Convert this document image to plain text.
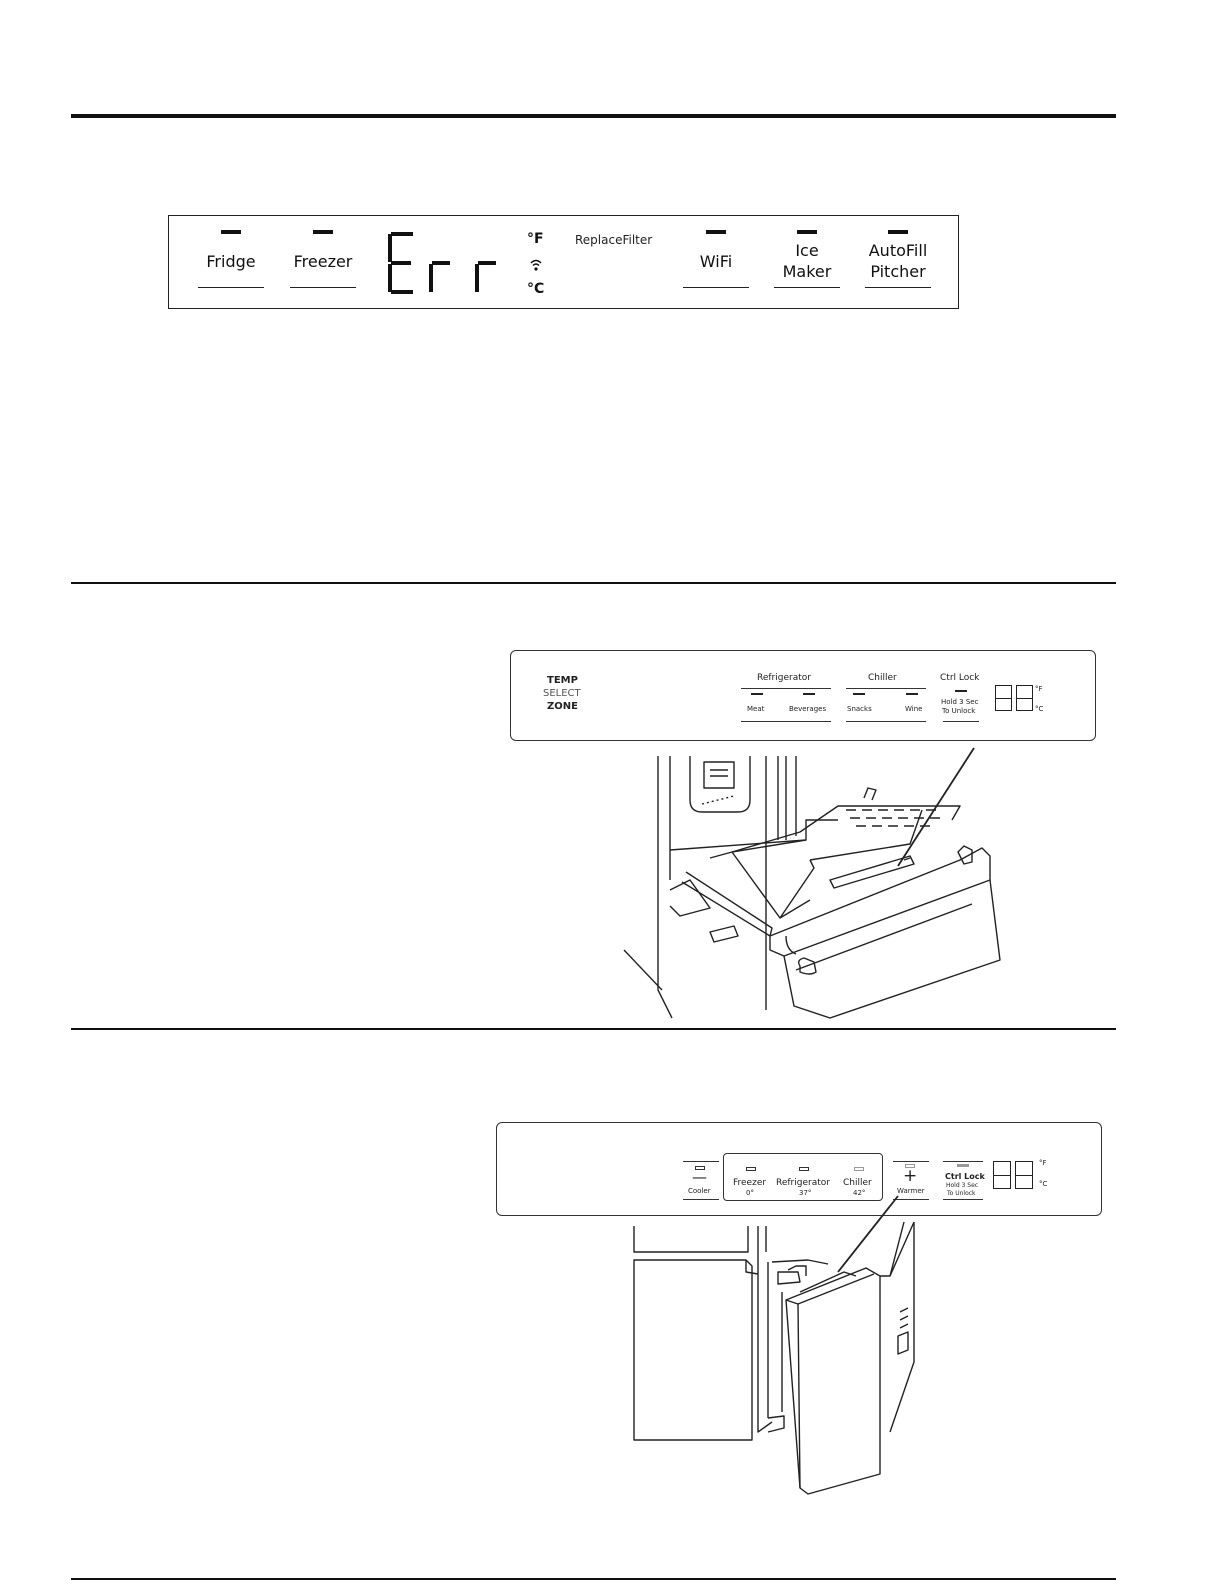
Fridge	Freezer
°F
°C
ReplaceFilter
WiFi
Ice
Maker
AutoFill
Pitcher
TEMP
SELECT
ZONE
Refrigerator
Meat	Beverages
Chiller
Snacks	Wine
Ctrl Lock
Hold 3 Sec
To Unlock
°F
°C
—
Cooler
Freezer
0°
Refrigerator
37°
Chiller
42°
+
Warmer
Ctrl Lock
Hold 3 Sec
To Unlock
°F
°C
